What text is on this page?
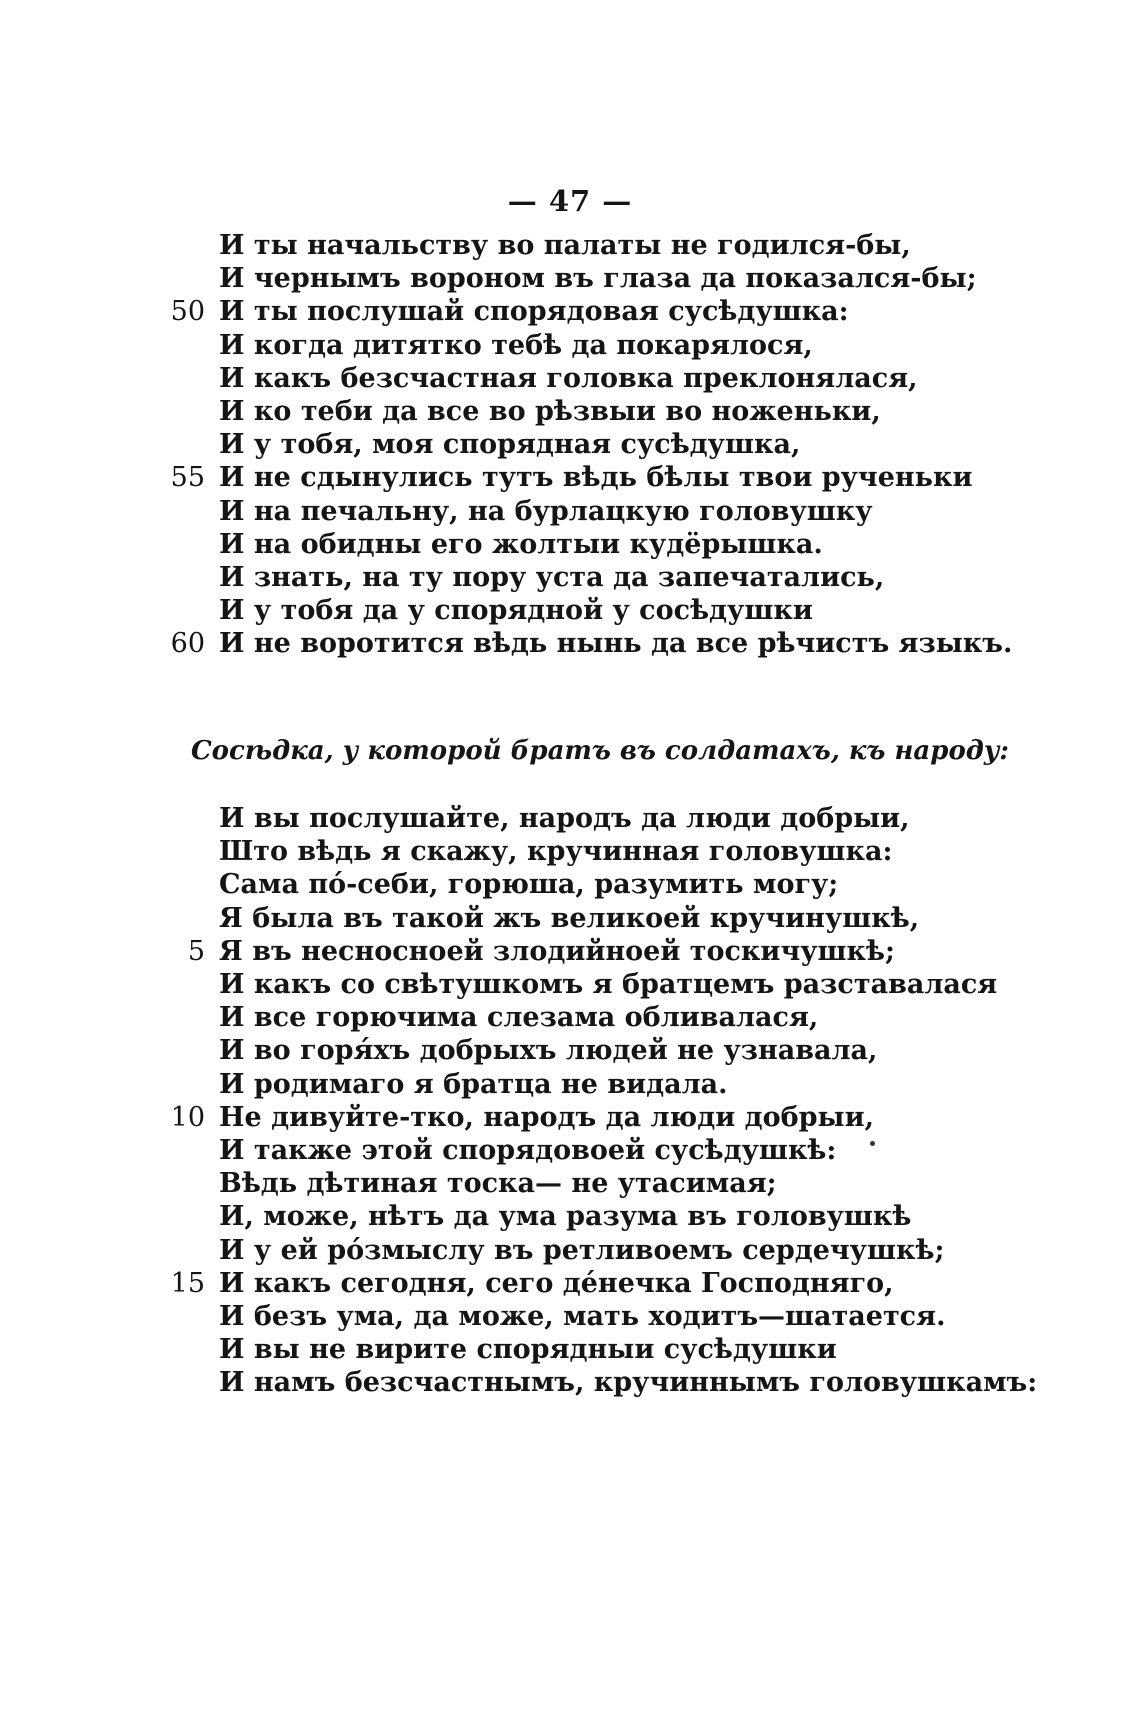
— 47 —
И ты начальству во палаты не годился-бы,
И чернымъ вороном въ глаза да показался-бы;
50 И ты послушай спорядовая сусѣдушка:
И когда дитятко тебѣ да покарялося,
И какъ безсчастная головка преклонялася,
И ко теби да все во рѣзвыи во ноженьки,
И у тобя, моя спорядная сусѣдушка,
55 И не сдынулись тутъ вѣдь бѣлы твои рученьки
И на печальну, на бурлацкую головушку
И на обидны его жолтыи кудёрышка.
И знать, на ту пору уста да запечатались,
И у тобя да у спорядной у сосѣдушки
60 И не воротится вѣдь нынь да все рѣчистъ языкъ.
Сосѣдка, у которой братъ въ солдатахъ, къ народу:
И вы послушайте, народъ да люди добрыи,
Што вѣдь я скажу, кручинная головушка:
Сама по́-себи, горюша, разумить могу;
Я была въ такой жъ великоей кручинушкѣ,
5 Я въ несносноей злодийноей тоскичушкѣ;
И какъ со свѣтушкомъ я братцемъ разставалася
И все горючима слезама обливалася,
И во горя́хъ добрыхъ людей не узнавала,
И родимаго я братца не видала.
10 Не дивуйте-тко, народъ да люди добрыи,
И также этой спорядовоей сусѣдушкѣ:
Вѣдь дѣтиная тоска— не утасимая;
И, може, нѣтъ да ума разума въ головушкѣ
И у ей ро́змыслу въ ретливоемъ сердечушкѣ;
15 И какъ сегодня, сего де́нечка Господняго,
И безъ ума, да може, мать ходитъ—шатается.
И вы не вирите спорядныи сусѣдушки
И намъ безсчастнымъ, кручиннымъ головушкамъ:
